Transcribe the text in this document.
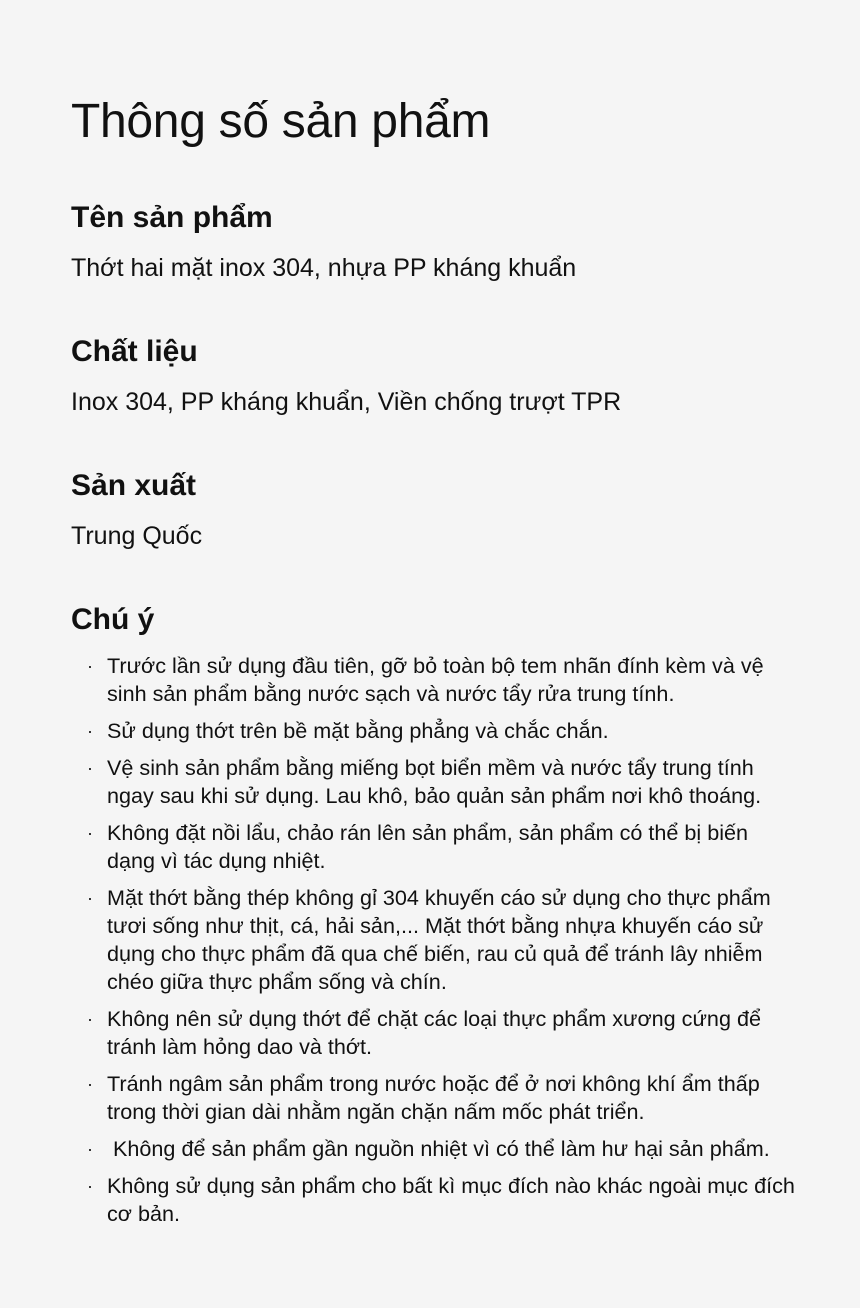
Thông số sản phẩm
Tên sản phẩm

Thớt hai mặt inox 304, nhựa PP kháng khuẩn

Chất liệu

Inox 304, PP kháng khuẩn, Viền chống trượt TPR

Sản xuất

Trung Quốc

Chú ý
· Trước lần sử dụng đầu tiên, gỡ bỏ toàn bộ tem nhãn đính kèm và vệ sinh sản phẩm bằng nước sạch và nước tẩy rửa trung tính.
· Sử dụng thớt trên bề mặt bằng phẳng và chắc chắn.
· Vệ sinh sản phẩm bằng miếng bọt biển mềm và nước tẩy trung tính ngay sau khi sử dụng. Lau khô, bảo quản sản phẩm nơi khô thoáng.
· Không đặt nồi lẩu, chảo rán lên sản phẩm, sản phẩm có thể bị biến dạng vì tác dụng nhiệt.
· Mặt thớt bằng thép không gỉ 304 khuyến cáo sử dụng cho thực phẩm tươi sống như thịt, cá, hải sản,... Mặt thớt bằng nhựa khuyến cáo sử dụng cho thực phẩm đã qua chế biến, rau củ quả để tránh lây nhiễm chéo giữa thực phẩm sống và chín.
· Không nên sử dụng thớt để chặt các loại thực phẩm xương cứng để tránh làm hỏng dao và thớt.
· Tránh ngâm sản phẩm trong nước hoặc để ở nơi không khí ẩm thấp trong thời gian dài nhằm ngăn chặn nấm mốc phát triển.
· Không để sản phẩm gần nguồn nhiệt vì có thể làm hư hại sản phẩm.
· Không sử dụng sản phẩm cho bất kì mục đích nào khác ngoài mục đích cơ bản.
